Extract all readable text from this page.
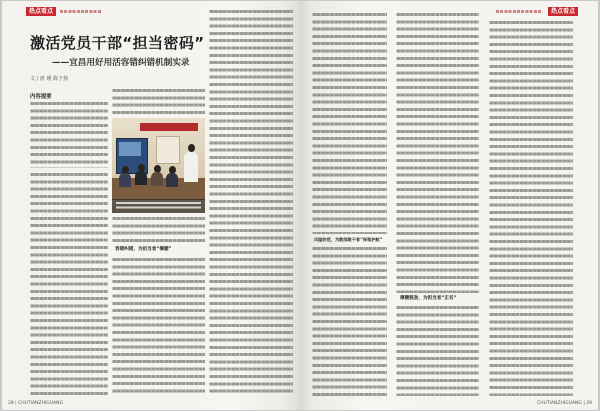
热点看点
激活党员干部“担当密码”
——宜昌用好用活容错纠错机制实录
文 / 唐 瑾 陈子扬
内容提要
容错纠错，为担当者“撑腰”
28 | CHUTIANZHIGUANG
热点看点
风险防范，为敢闯敢干者“保驾护航”
撑腰鼓劲，为担当者“正名”
CHUTIANZHIGUANG | 29
